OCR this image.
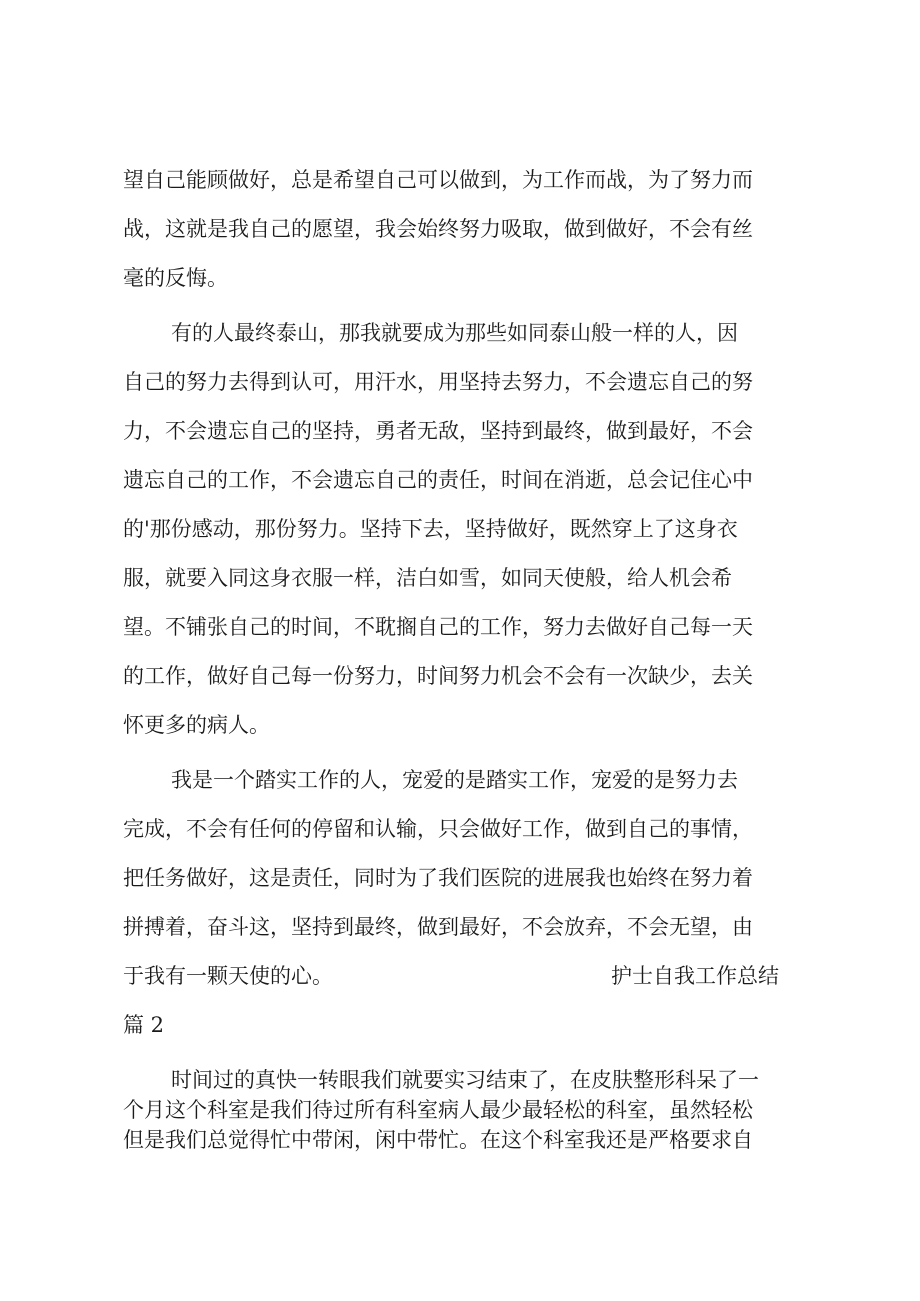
望自己能顾做好，总是希望自己可以做到，为工作而战，为了努力而
战，这就是我自己的愿望，我会始终努力吸取，做到做好，不会有丝
毫的反悔。
有的人最终泰山，那我就要成为那些如同泰山般一样的人，因
自己的努力去得到认可，用汗水，用坚持去努力，不会遗忘自己的努
力，不会遗忘自己的坚持，勇者无敌，坚持到最终，做到最好，不会
遗忘自己的工作，不会遗忘自己的责任，时间在消逝，总会记住心中
的'那份感动，那份努力。坚持下去，坚持做好，既然穿上了这身衣
服，就要入同这身衣服一样，洁白如雪，如同天使般，给人机会希
望。不铺张自己的时间，不耽搁自己的工作，努力去做好自己每一天
的工作，做好自己每一份努力，时间努力机会不会有一次缺少，去关
怀更多的病人。
我是一个踏实工作的人，宠爱的是踏实工作，宠爱的是努力去
完成，不会有任何的停留和认输，只会做好工作，做到自己的事情，
把任务做好，这是责任，同时为了我们医院的进展我也始终在努力着
拼搏着，奋斗这，坚持到最终，做到最好，不会放弃，不会无望，由
于我有一颗天使的心。	护士自我工作总结
篇 2
时间过的真快一转眼我们就要实习结束了，在皮肤整形科呆了一
个月这个科室是我们待过所有科室病人最少最轻松的科室，虽然轻松
但是我们总觉得忙中带闲，闲中带忙。在这个科室我还是严格要求自
